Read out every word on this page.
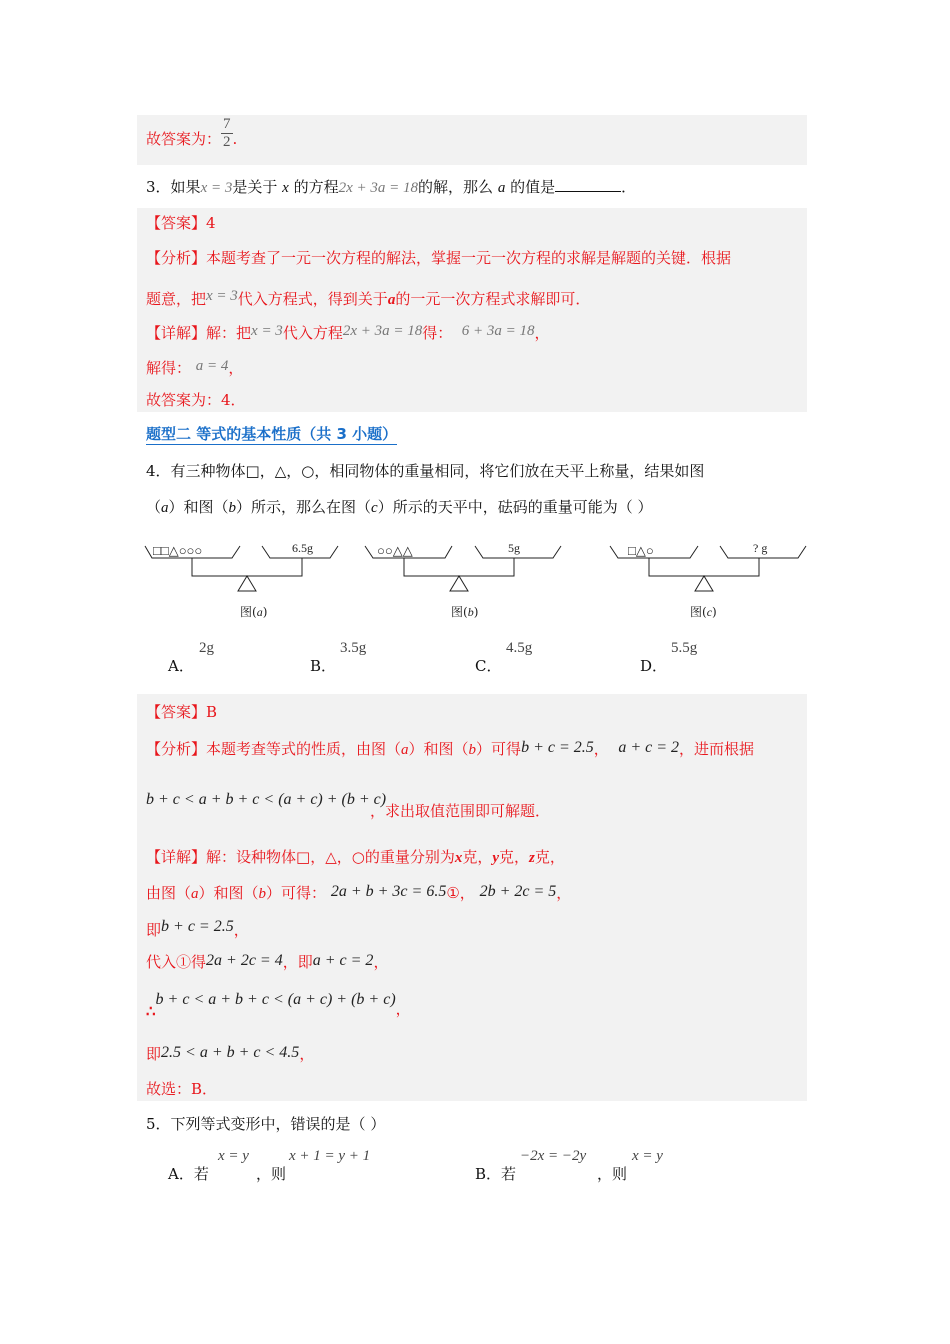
故答案为： $\frac{7}{2}$ .
3．如果x = 3是关于 x 的方程2x + 3a = 18的解，那么 a 的值是	．
【答案】4
【分析】本题考查了一元一次方程的解法，掌握一元一次方程的求解是解题的关键．根据
题意，把x = 3代入方程式，得到关于a的一元一次方程式求解即可．
【详解】解：把x = 3代入方程2x + 3a = 18得： 6 + 3a = 18，
解得： a = 4，
故答案为：4．
题型二 等式的基本性质（共 3 小题）
4．有三种物体□，△，○，相同物体的重量相同，将它们放在天平上称量，结果如图
（a）和图（b）所示，那么在图（c）所示的天平中，砝码的重量可能为（ ）
□□△○○○	6.5g	○○△△	5g	□△○	? g
图(a)	图(b)	图(c)
A．
2g
B．
3.5g
C．
4.5g
D．
5.5g
【答案】B
【分析】本题考查等式的性质，由图（a）和图（b）可得b + c = 2.5， a + c = 2，进而根据
b + c < a + b + c < (a + c) + (b + c)
，求出取值范围即可解题．
【详解】解：设种物体□，△，○的重量分别为x克，y克，z克，
由图（a）和图（b）可得： 2a + b + 3c = 6.5①， 2b + 2c = 5，
即b + c = 2.5，
代入①得2a + 2c = 4，即a + c = 2，
∴b + c < a + b + c < (a + c) + (b + c)，
即2.5 < a + b + c < 4.5，
故选：B．
5．下列等式变形中，错误的是（ ）
A．若
x = y
，则
x + 1 = y + 1
B．若
−2x = −2y
，则
x = y
